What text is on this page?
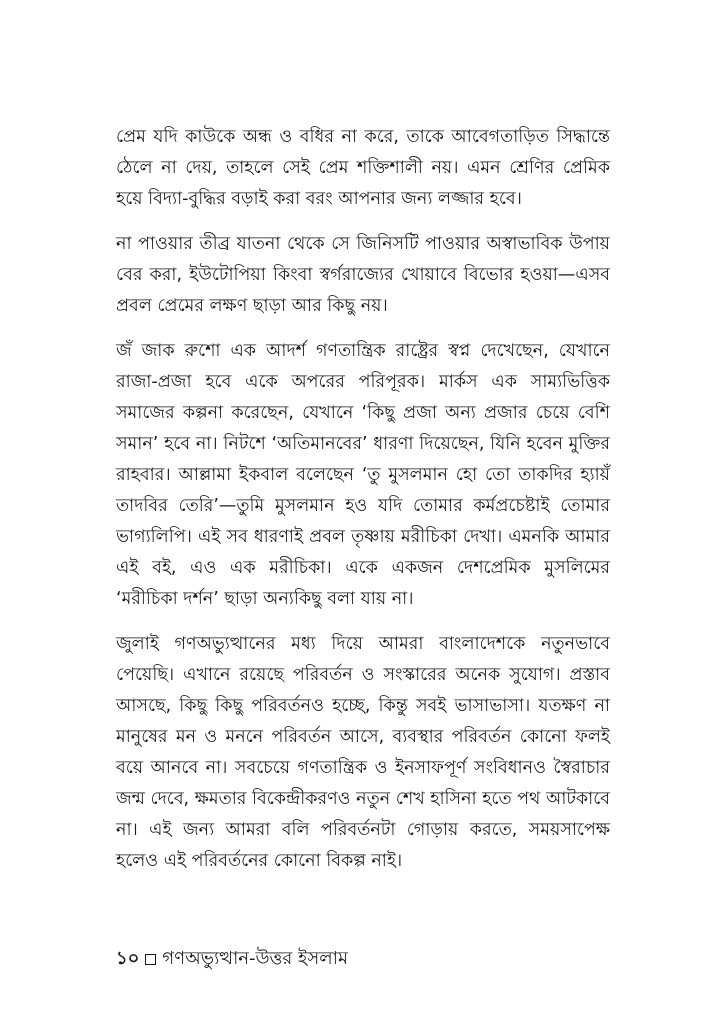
প্রেম যদি কাউকে অন্ধ ও বধির না করে, তাকে আবেগতাড়িত সিদ্ধান্তে ঠেলে না দেয়, তাহলে সেই প্রেম শক্তিশালী নয়। এমন শ্রেণির প্রেমিক হয়ে বিদ্যা-বুদ্ধির বড়াই করা বরং আপনার জন্য লজ্জার হবে।

না পাওয়ার তীব্র যাতনা থেকে সে জিনিসটি পাওয়ার অস্বাভাবিক উপায় বের করা, ইউটোপিয়া কিংবা স্বর্গরাজ্যের খোয়াবে বিভোর হওয়া—এসব প্রবল প্রেমের লক্ষণ ছাড়া আর কিছু নয়।

জঁ জাক রুশো এক আদর্শ গণতান্ত্রিক রাষ্ট্রের স্বপ্ন দেখেছেন, যেখানে রাজা-প্রজা হবে একে অপরের পরিপূরক। মার্কস এক সাম্যভিত্তিক সমাজের কল্পনা করেছেন, যেখানে ‘কিছু প্রজা অন্য প্রজার চেয়ে বেশি সমান’ হবে না। নিটশে ‘অতিমানবের’ ধারণা দিয়েছেন, যিনি হবেন মুক্তির রাহবার। আল্লামা ইকবাল বলেছেন ‘তু মুসলমান হো তো তাকদির হ্যায়ঁ তাদবির তেরি’—তুমি মুসলমান হও যদি তোমার কর্মপ্রচেষ্টাই তোমার ভাগ্যলিপি। এই সব ধারণাই প্রবল তৃষ্ণায় মরীচিকা দেখা। এমনকি আমার এই বই, এও এক মরীচিকা। একে একজন দেশপ্রেমিক মুসলিমের ‘মরীচিকা দর্শন’ ছাড়া অন্যকিছু বলা যায় না।

জুলাই গণঅভ্যুত্থানের মধ্য দিয়ে আমরা বাংলাদেশকে নতুনভাবে পেয়েছি। এখানে রয়েছে পরিবর্তন ও সংস্কারের অনেক সুযোগ। প্রস্তাব আসছে, কিছু কিছু পরিবর্তনও হচ্ছে, কিন্তু সবই ভাসাভাসা। যতক্ষণ না মানুষের মন ও মননে পরিবর্তন আসে, ব্যবস্থার পরিবর্তন কোনো ফলই বয়ে আনবে না। সবচেয়ে গণতান্ত্রিক ও ইনসাফপূর্ণ সংবিধানও স্বৈরাচার জন্ম দেবে, ক্ষমতার বিকেন্দ্রীকরণও নতুন শেখ হাসিনা হতে পথ আটকাবে না। এই জন্য আমরা বলি পরিবর্তনটা গোড়ায় করতে, সময়সাপেক্ষ হলেও এই পরিবর্তনের কোনো বিকল্প নাই।

১০ গণঅভ্যুত্থান-উত্তর ইসলাম
